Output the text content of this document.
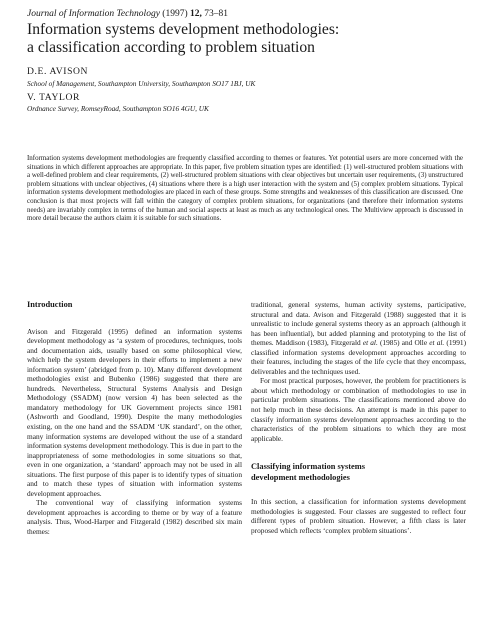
Journal of Information Technology (1997) 12, 73–81
Information systems development methodologies:
a classification according to problem situation
D.E. AVISON
School of Management, Southampton University, Southampton SO17 1BJ, UK
V. TAYLOR
Ordnance Survey, RomseyRoad, Southampton SO16 4GU, UK
Information systems development methodologies are frequently classified according to themes or features. Yet potential users are more concerned with the situations in which different approaches are appropriate. In this paper, five problem situation types are identified: (1) well-structured problem situations with a well-defined problem and clear requirements, (2) well-structured problem situations with clear objectives but uncertain user requirements, (3) unstructured problem situations with unclear objectives, (4) situations where there is a high user interaction with the system and (5) complex problem situations. Typical information systems development methodologies are placed in each of these groups. Some strengths and weaknesses of this classification are discussed. One conclusion is that most projects will fall within the category of complex problem situations, for organizations (and therefore their information systems needs) are invariably complex in terms of the human and social aspects at least as much as any technological ones. The Multiview approach is discussed in more detail because the authors claim it is suitable for such situations.
Introduction

Avison and Fitzgerald (1995) defined an information systems development methodology as ‘a system of procedures, techniques, tools and documentation aids, usually based on some philosophical view, which help the system developers in their efforts to implement a new information system’ (abridged from p. 10). Many different development methodologies exist and Bubenko (1986) suggested that there are hundreds. Nevertheless, Structural Systems Analysis and Design Methodology (SSADM) (now version 4) has been selected as the mandatory methodology for UK Government projects since 1981 (Ashworth and Goodland, 1990). Despite the many methodologies existing, on the one hand and the SSADM ‘UK standard’, on the other, many information systems are developed without the use of a standard information systems development methodology. This is due in part to the inappropriateness of some methodologies in some situations so that, even in one organization, a ‘standard’ approach may not be used in all situations. The first purpose of this paper is to identify types of situation and to match these types of situation with information systems development approaches.

The conventional way of classifying information systems development approaches is according to theme or by way of a feature analysis. Thus, Wood-Harper and Fitzgerald (1982) described six main themes:

traditional, general systems, human activity systems, participative, structural and data. Avison and Fitzgerald (1988) suggested that it is unrealistic to include general systems theory as an approach (although it has been influential), but added planning and prototyping to the list of themes. Maddison (1983), Fitzgerald et al. (1985) and Olle et al. (1991) classified information systems development approaches according to their features, including the stages of the life cycle that they encompass, deliverables and the techniques used.

For most practical purposes, however, the problem for practitioners is about which methodology or combination of methodologies to use in particular problem situations. The classifications mentioned above do not help much in these decisions. An attempt is made in this paper to classify information systems development approaches according to the characteristics of the problem situations to which they are most applicable.

Classifying information systems
development methodologies

In this section, a classification for information systems development methodologies is suggested. Four classes are suggested to reflect four different types of problem situation. However, a fifth class is later proposed which reflects ‘complex problem situations’.
